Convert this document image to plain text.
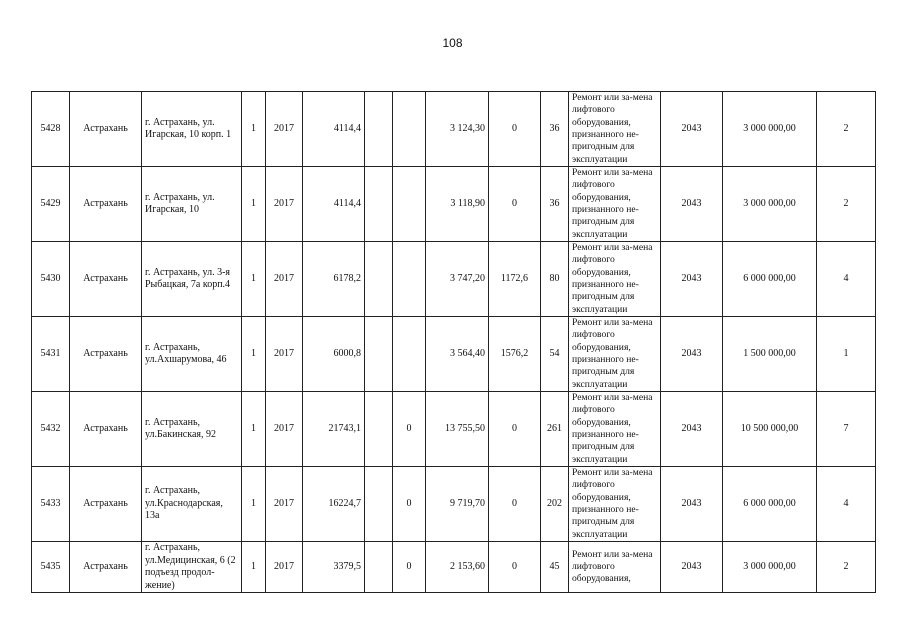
108
5428	Астрахань	г. Астрахань, ул. Игарская, 10 корп. 1	1	2017	4114,4			3 124,30	0	36	Ремонт или за-мена лифтового оборудования, признанного не-пригодным для эксплуатации	2043	3 000 000,00	2
5429	Астрахань	г. Астрахань, ул. Игарская, 10	1	2017	4114,4			3 118,90	0	36	Ремонт или за-мена лифтового оборудования, признанного не-пригодным для эксплуатации	2043	3 000 000,00	2
5430	Астрахань	г. Астрахань, ул. 3-я Рыбацкая, 7а корп.4	1	2017	6178,2			3 747,20	1172,6	80	Ремонт или за-мена лифтового оборудования, признанного не-пригодным для эксплуатации	2043	6 000 000,00	4
5431	Астрахань	г. Астрахань, ул.Ахшарумова, 46	1	2017	6000,8			3 564,40	1576,2	54	Ремонт или за-мена лифтового оборудования, признанного не-пригодным для эксплуатации	2043	1 500 000,00	1
5432	Астрахань	г. Астрахань, ул.Бакинская, 92	1	2017	21743,1		0	13 755,50	0	261	Ремонт или за-мена лифтового оборудования, признанного не-пригодным для эксплуатации	2043	10 500 000,00	7
5433	Астрахань	г. Астрахань, ул.Краснодарская, 13а	1	2017	16224,7		0	9 719,70	0	202	Ремонт или за-мена лифтового оборудования, признанного не-пригодным для эксплуатации	2043	6 000 000,00	4
5435	Астрахань	г. Астрахань, ул.Медицинская, 6 (2 подъезд продол-жение)	1	2017	3379,5		0	2 153,60	0	45	Ремонт или за-мена лифтового оборудования,	2043	3 000 000,00	2
